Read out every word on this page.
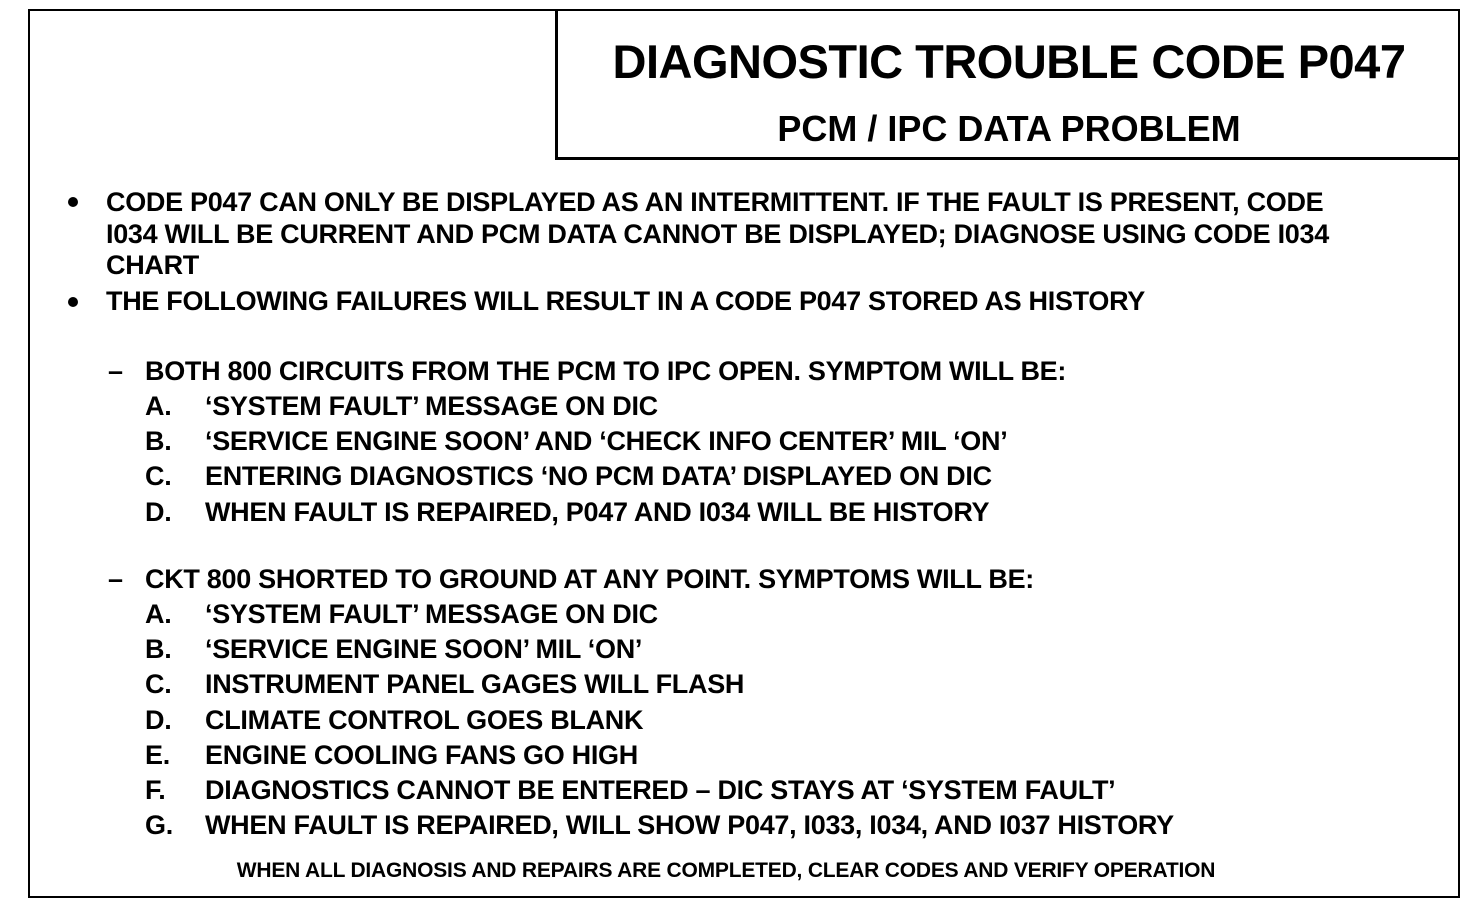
DIAGNOSTIC TROUBLE CODE P047
PCM / IPC DATA PROBLEM
CODE P047 CAN ONLY BE DISPLAYED AS AN INTERMITTENT. IF THE FAULT IS PRESENT, CODE
I034 WILL BE CURRENT AND PCM DATA CANNOT BE DISPLAYED; DIAGNOSE USING CODE I034
CHART
THE FOLLOWING FAILURES WILL RESULT IN A CODE P047 STORED AS HISTORY
– BOTH 800 CIRCUITS FROM THE PCM TO IPC OPEN. SYMPTOM WILL BE:
A. ‘SYSTEM FAULT’ MESSAGE ON DIC
B. ‘SERVICE ENGINE SOON’ AND ‘CHECK INFO CENTER’ MIL ‘ON’
C. ENTERING DIAGNOSTICS ‘NO PCM DATA’ DISPLAYED ON DIC
D. WHEN FAULT IS REPAIRED, P047 AND I034 WILL BE HISTORY
– CKT 800 SHORTED TO GROUND AT ANY POINT. SYMPTOMS WILL BE:
A. ‘SYSTEM FAULT’ MESSAGE ON DIC
B. ‘SERVICE ENGINE SOON’ MIL ‘ON’
C. INSTRUMENT PANEL GAGES WILL FLASH
D. CLIMATE CONTROL GOES BLANK
E. ENGINE COOLING FANS GO HIGH
F. DIAGNOSTICS CANNOT BE ENTERED – DIC STAYS AT ‘SYSTEM FAULT’
G. WHEN FAULT IS REPAIRED, WILL SHOW P047, I033, I034, AND I037 HISTORY
WHEN ALL DIAGNOSIS AND REPAIRS ARE COMPLETED, CLEAR CODES AND VERIFY OPERATION
